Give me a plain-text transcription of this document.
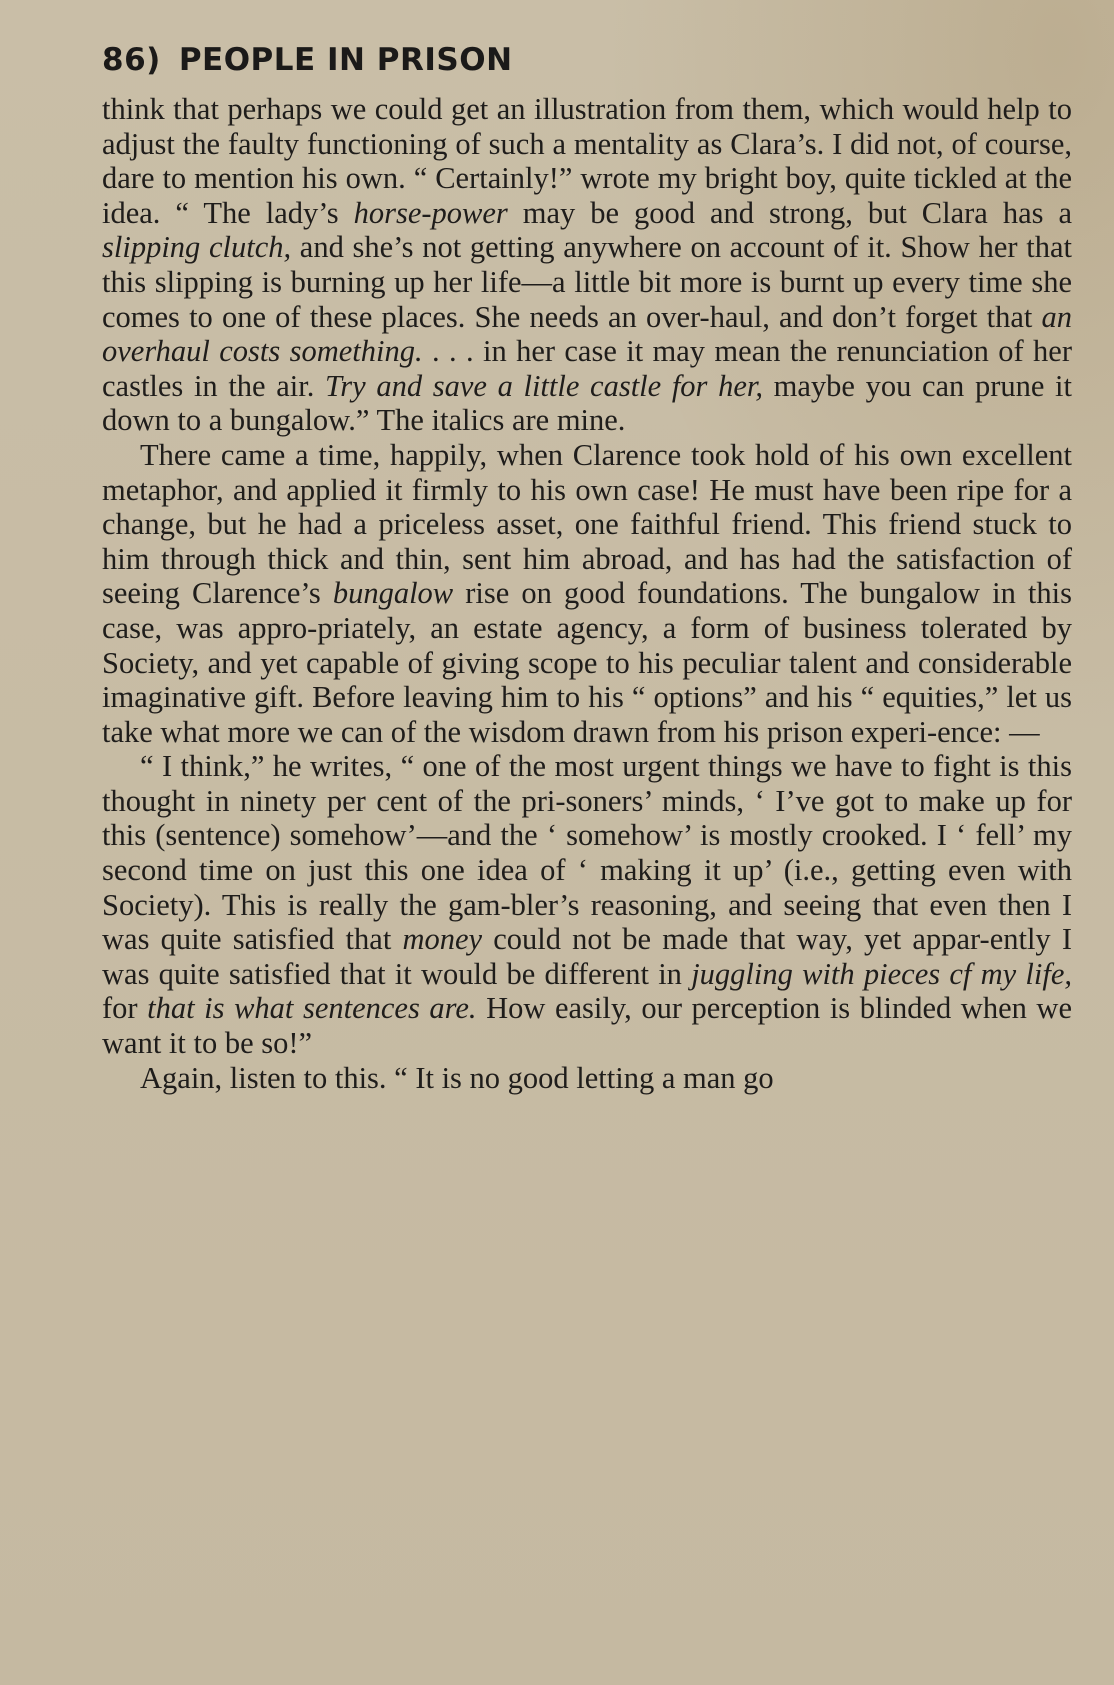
86) PEOPLE IN PRISON

think that perhaps we could get an illustration from them, which would help to adjust the faulty functioning of such a mentality as Clara’s. I did not, of course, dare to mention his own. “ Certainly!” wrote my bright boy, quite tickled at the idea. “ The lady’s horse-power may be good and strong, but Clara has a slipping clutch, and she’s not getting anywhere on account of it. Show her that this slipping is burning up her life—a little bit more is burnt up every time she comes to one of these places. She needs an over-haul, and don’t forget that an overhaul costs something. . . . in her case it may mean the renunciation of her castles in the air. Try and save a little castle for her, maybe you can prune it down to a bungalow.” The italics are mine.

There came a time, happily, when Clarence took hold of his own excellent metaphor, and applied it firmly to his own case! He must have been ripe for a change, but he had a priceless asset, one faithful friend. This friend stuck to him through thick and thin, sent him abroad, and has had the satisfaction of seeing Clarence’s bungalow rise on good foundations. The bungalow in this case, was appro-priately, an estate agency, a form of business tolerated by Society, and yet capable of giving scope to his peculiar talent and considerable imaginative gift. Before leaving him to his “ options” and his “ equities,” let us take what more we can of the wisdom drawn from his prison experi-ence: —

“ I think,” he writes, “ one of the most urgent things we have to fight is this thought in ninety per cent of the pri-soners’ minds, ‘ I’ve got to make up for this (sentence) somehow’—and the ‘ somehow’ is mostly crooked. I ‘ fell’ my second time on just this one idea of ‘ making it up’ (i.e., getting even with Society). This is really the gam-bler’s reasoning, and seeing that even then I was quite satisfied that money could not be made that way, yet appar-ently I was quite satisfied that it would be different in juggling with pieces cf my life, for that is what sentences are. How easily, our perception is blinded when we want it to be so!”

Again, listen to this. “ It is no good letting a man go
